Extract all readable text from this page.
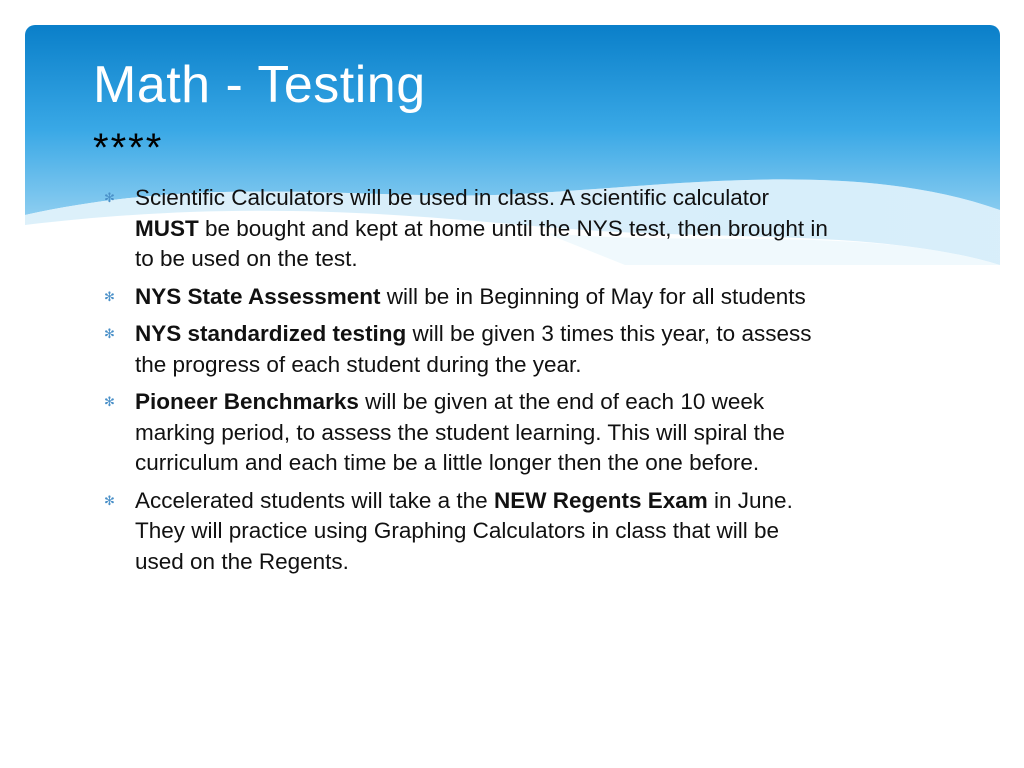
Math - Testing
****
✻ Scientific Calculators will be used in class. A scientific calculator MUST be bought and kept at home until the NYS test, then brought in to be used on the test.
✻ NYS State Assessment will be in Beginning of May for all students
✻ NYS standardized testing will be given 3 times this year, to assess the progress of each student during the year.
✻ Pioneer Benchmarks will be given at the end of each 10 week marking period, to assess the student learning. This will spiral the curriculum and each time be a little longer then the one before.
✻ Accelerated students will take a the NEW Regents Exam in June. They will practice using Graphing Calculators in class that will be used on the Regents.
